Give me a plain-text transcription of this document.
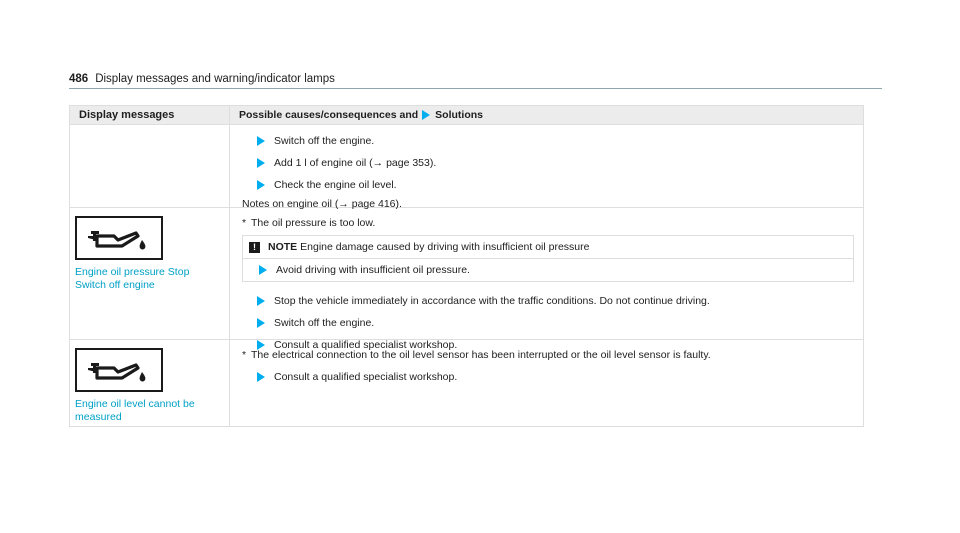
486 Display messages and warning/indicator lamps
Display messages	Possible causes/consequences and Solutions
Switch off the engine.
Add 1 l of engine oil (→ page 353).
Check the engine oil level.
Notes on engine oil (→ page 416).
Engine oil pressure Stop
Switch off engine
* The oil pressure is too low.
!	NOTE Engine damage caused by driving with insufficient oil pressure
Avoid driving with insufficient oil pressure.
Stop the vehicle immediately in accordance with the traffic conditions. Do not continue driving.
Switch off the engine.
Consult a qualified specialist workshop.
Engine oil level cannot be
measured
* The electrical connection to the oil level sensor has been interrupted or the oil level sensor is faulty.
Consult a qualified specialist workshop.
